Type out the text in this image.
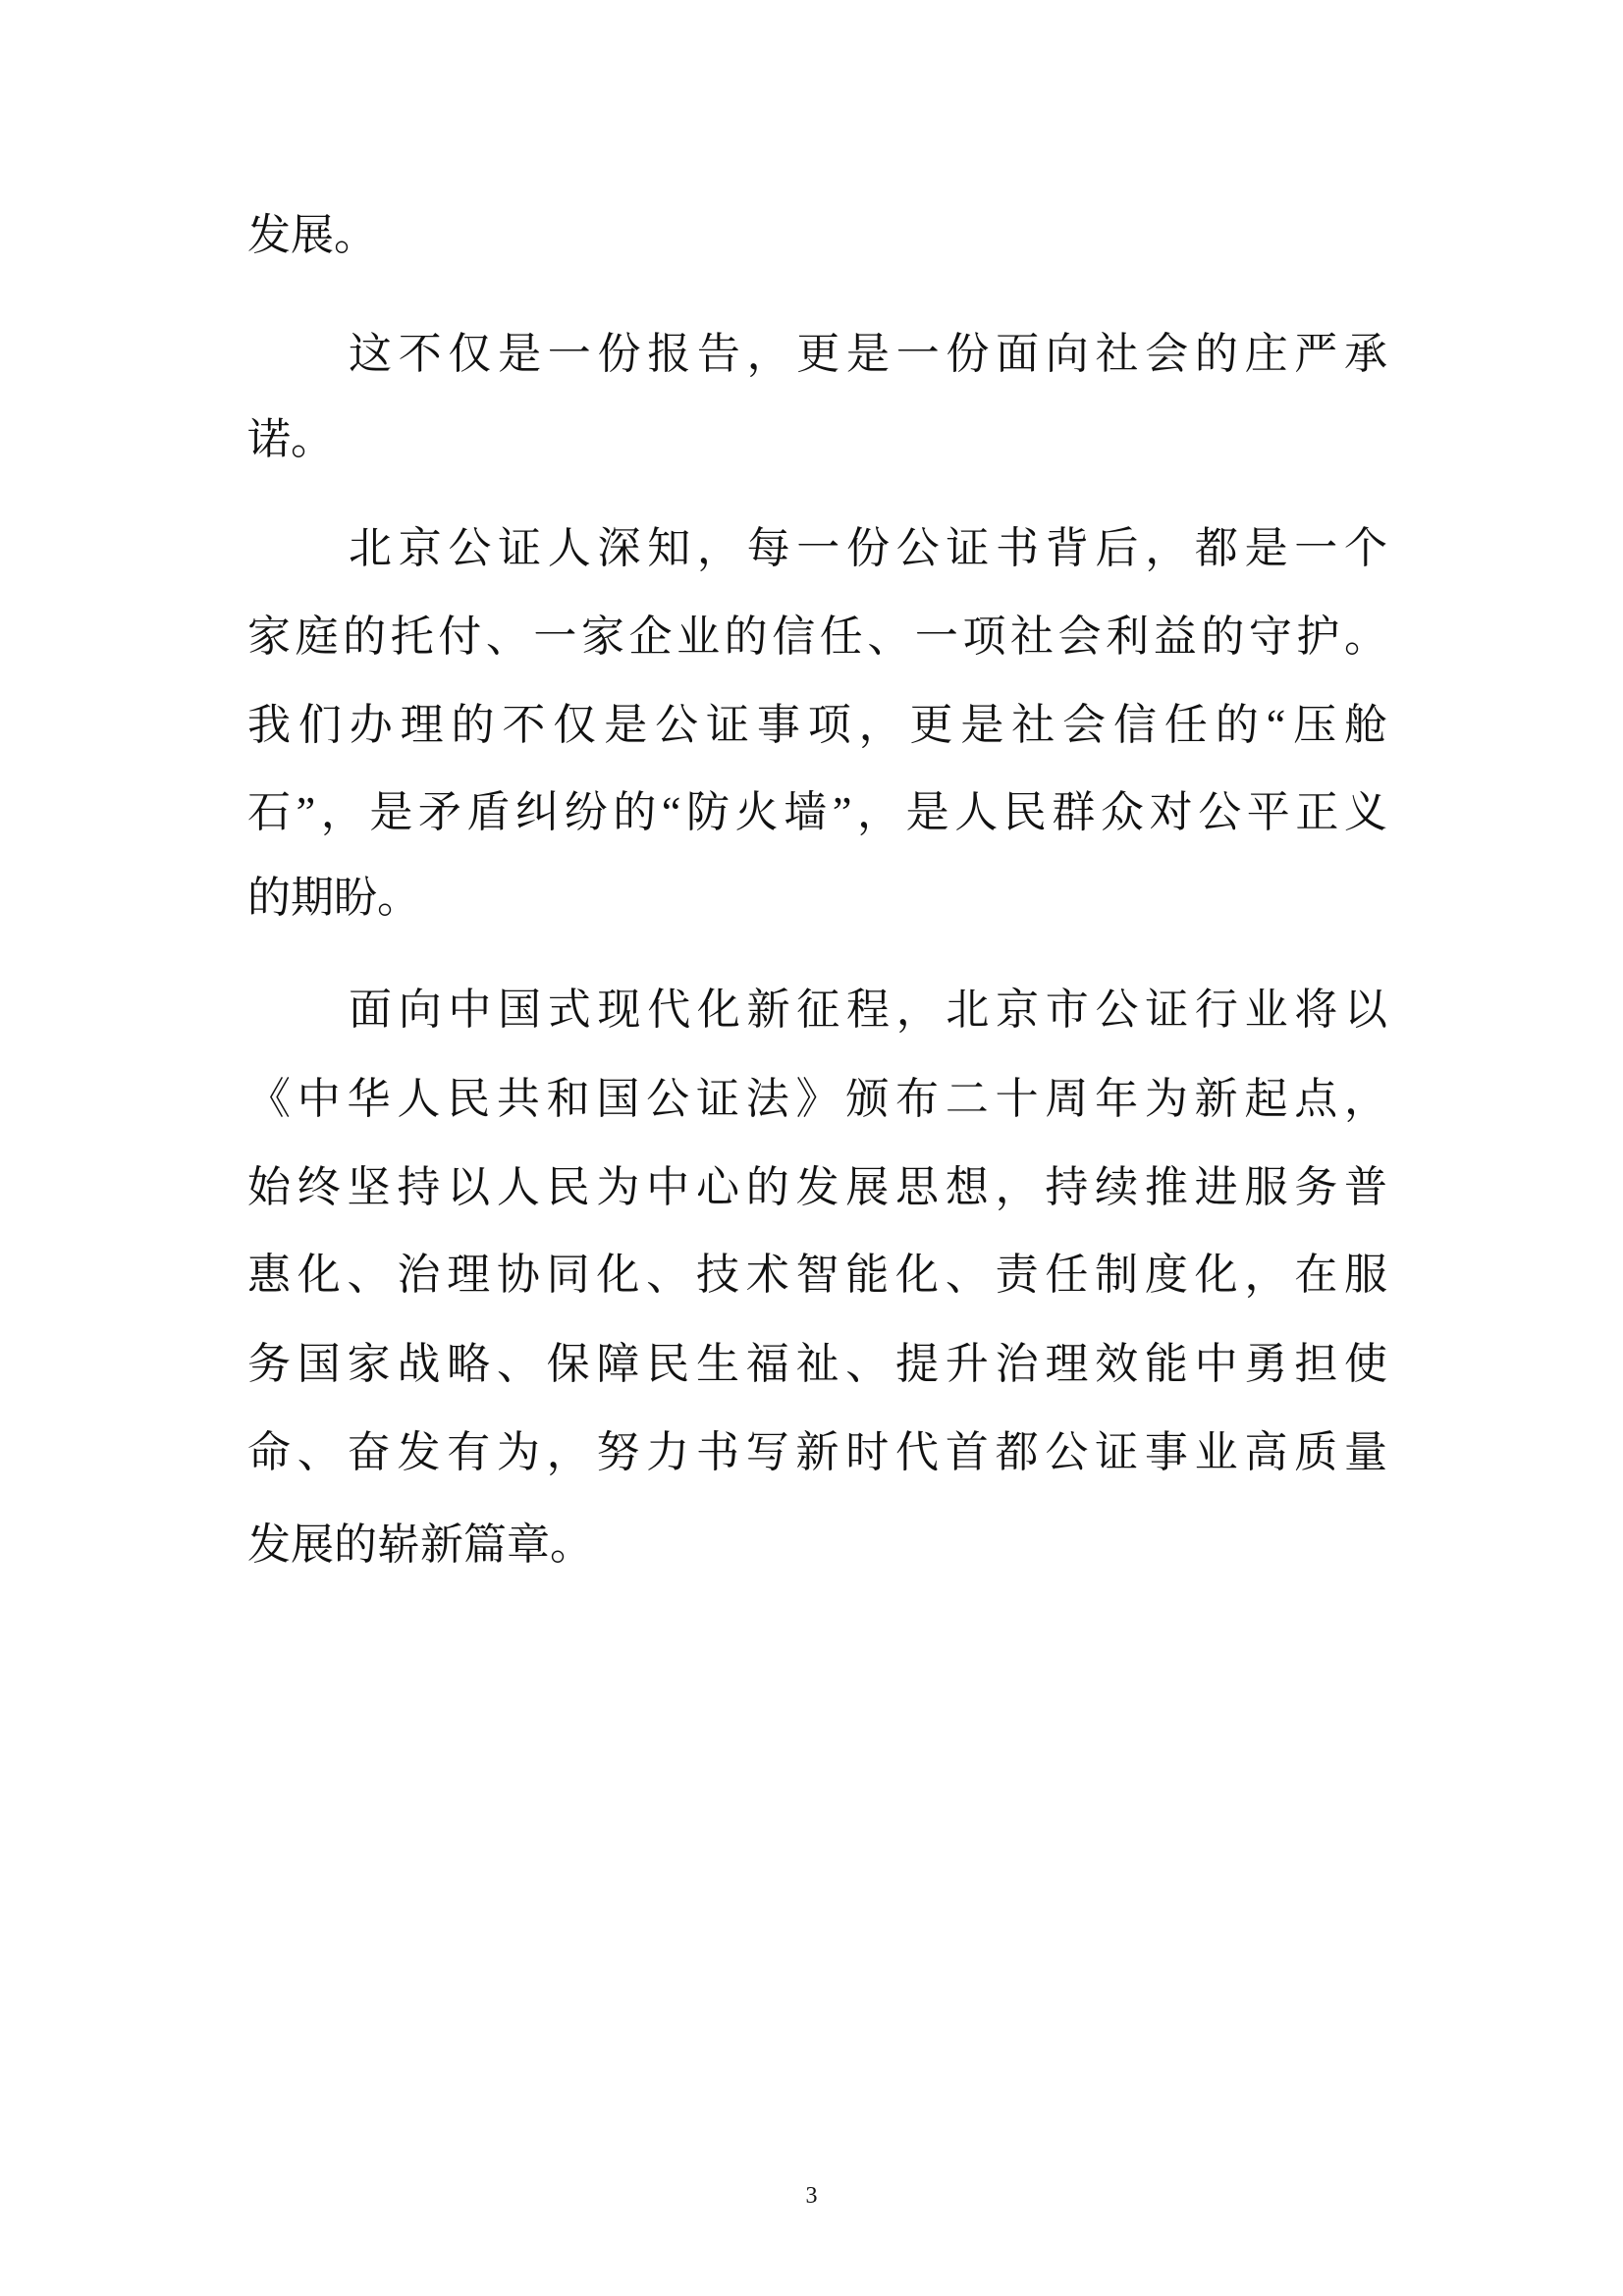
发展。
这不仅是一份报告，更是一份面向社会的庄严承
诺。
北京公证人深知，每一份公证书背后，都是一个
家庭的托付、一家企业的信任、一项社会利益的守护。
我们办理的不仅是公证事项，更是社会信任的“压舱
石”，是矛盾纠纷的“防火墙”，是人民群众对公平正义
的期盼。
面向中国式现代化新征程，北京市公证行业将以
《中华人民共和国公证法》颁布二十周年为新起点，
始终坚持以人民为中心的发展思想，持续推进服务普
惠化、治理协同化、技术智能化、责任制度化，在服
务国家战略、保障民生福祉、提升治理效能中勇担使
命、奋发有为，努力书写新时代首都公证事业高质量
发展的崭新篇章。
3
